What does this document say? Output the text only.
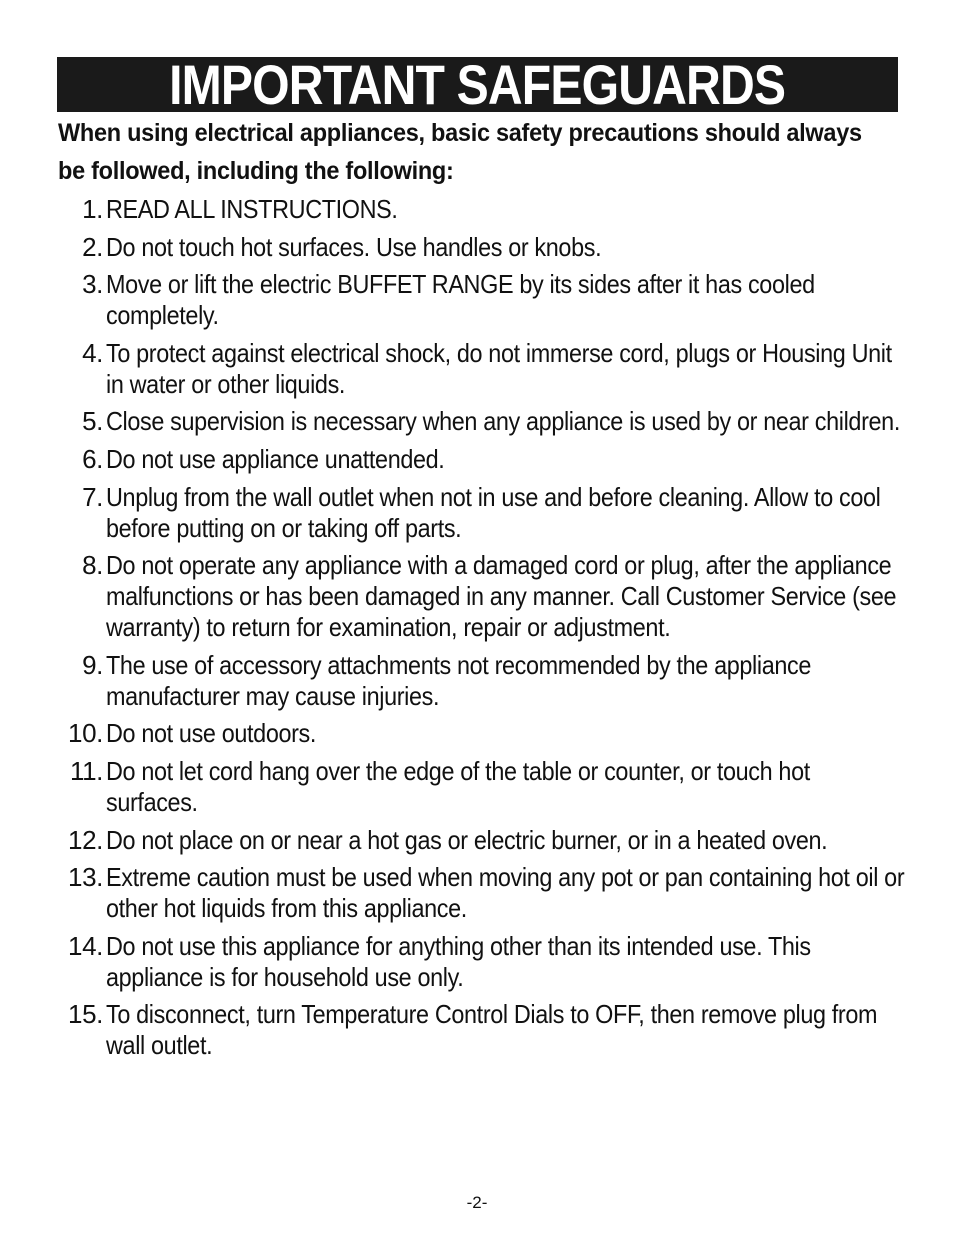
IMPORTANT SAFEGUARDS

When using electrical appliances, basic safety precautions should always be followed, including the following:

1. READ ALL INSTRUCTIONS.
2. Do not touch hot surfaces. Use handles or knobs.
3. Move or lift the electric BUFFET RANGE by its sides after it has cooled completely.
4. To protect against electrical shock, do not immerse cord, plugs or Housing Unit in water or other liquids.
5. Close supervision is necessary when any appliance is used by or near children.
6. Do not use appliance unattended.
7. Unplug from the wall outlet when not in use and before cleaning. Allow to cool before putting on or taking off parts.
8. Do not operate any appliance with a damaged cord or plug, after the appliance malfunctions or has been damaged in any manner. Call Customer Service (see warranty) to return for examination, repair or adjustment.
9. The use of accessory attachments not recommended by the appliance manufacturer may cause injuries.
10. Do not use outdoors.
11. Do not let cord hang over the edge of the table or counter, or touch hot surfaces.
12. Do not place on or near a hot gas or electric burner, or in a heated oven.
13. Extreme caution must be used when moving any pot or pan containing hot oil or other hot liquids from this appliance.
14. Do not use this appliance for anything other than its intended use. This appliance is for household use only.
15. To disconnect, turn Temperature Control Dials to OFF, then remove plug from wall outlet.
-2-
